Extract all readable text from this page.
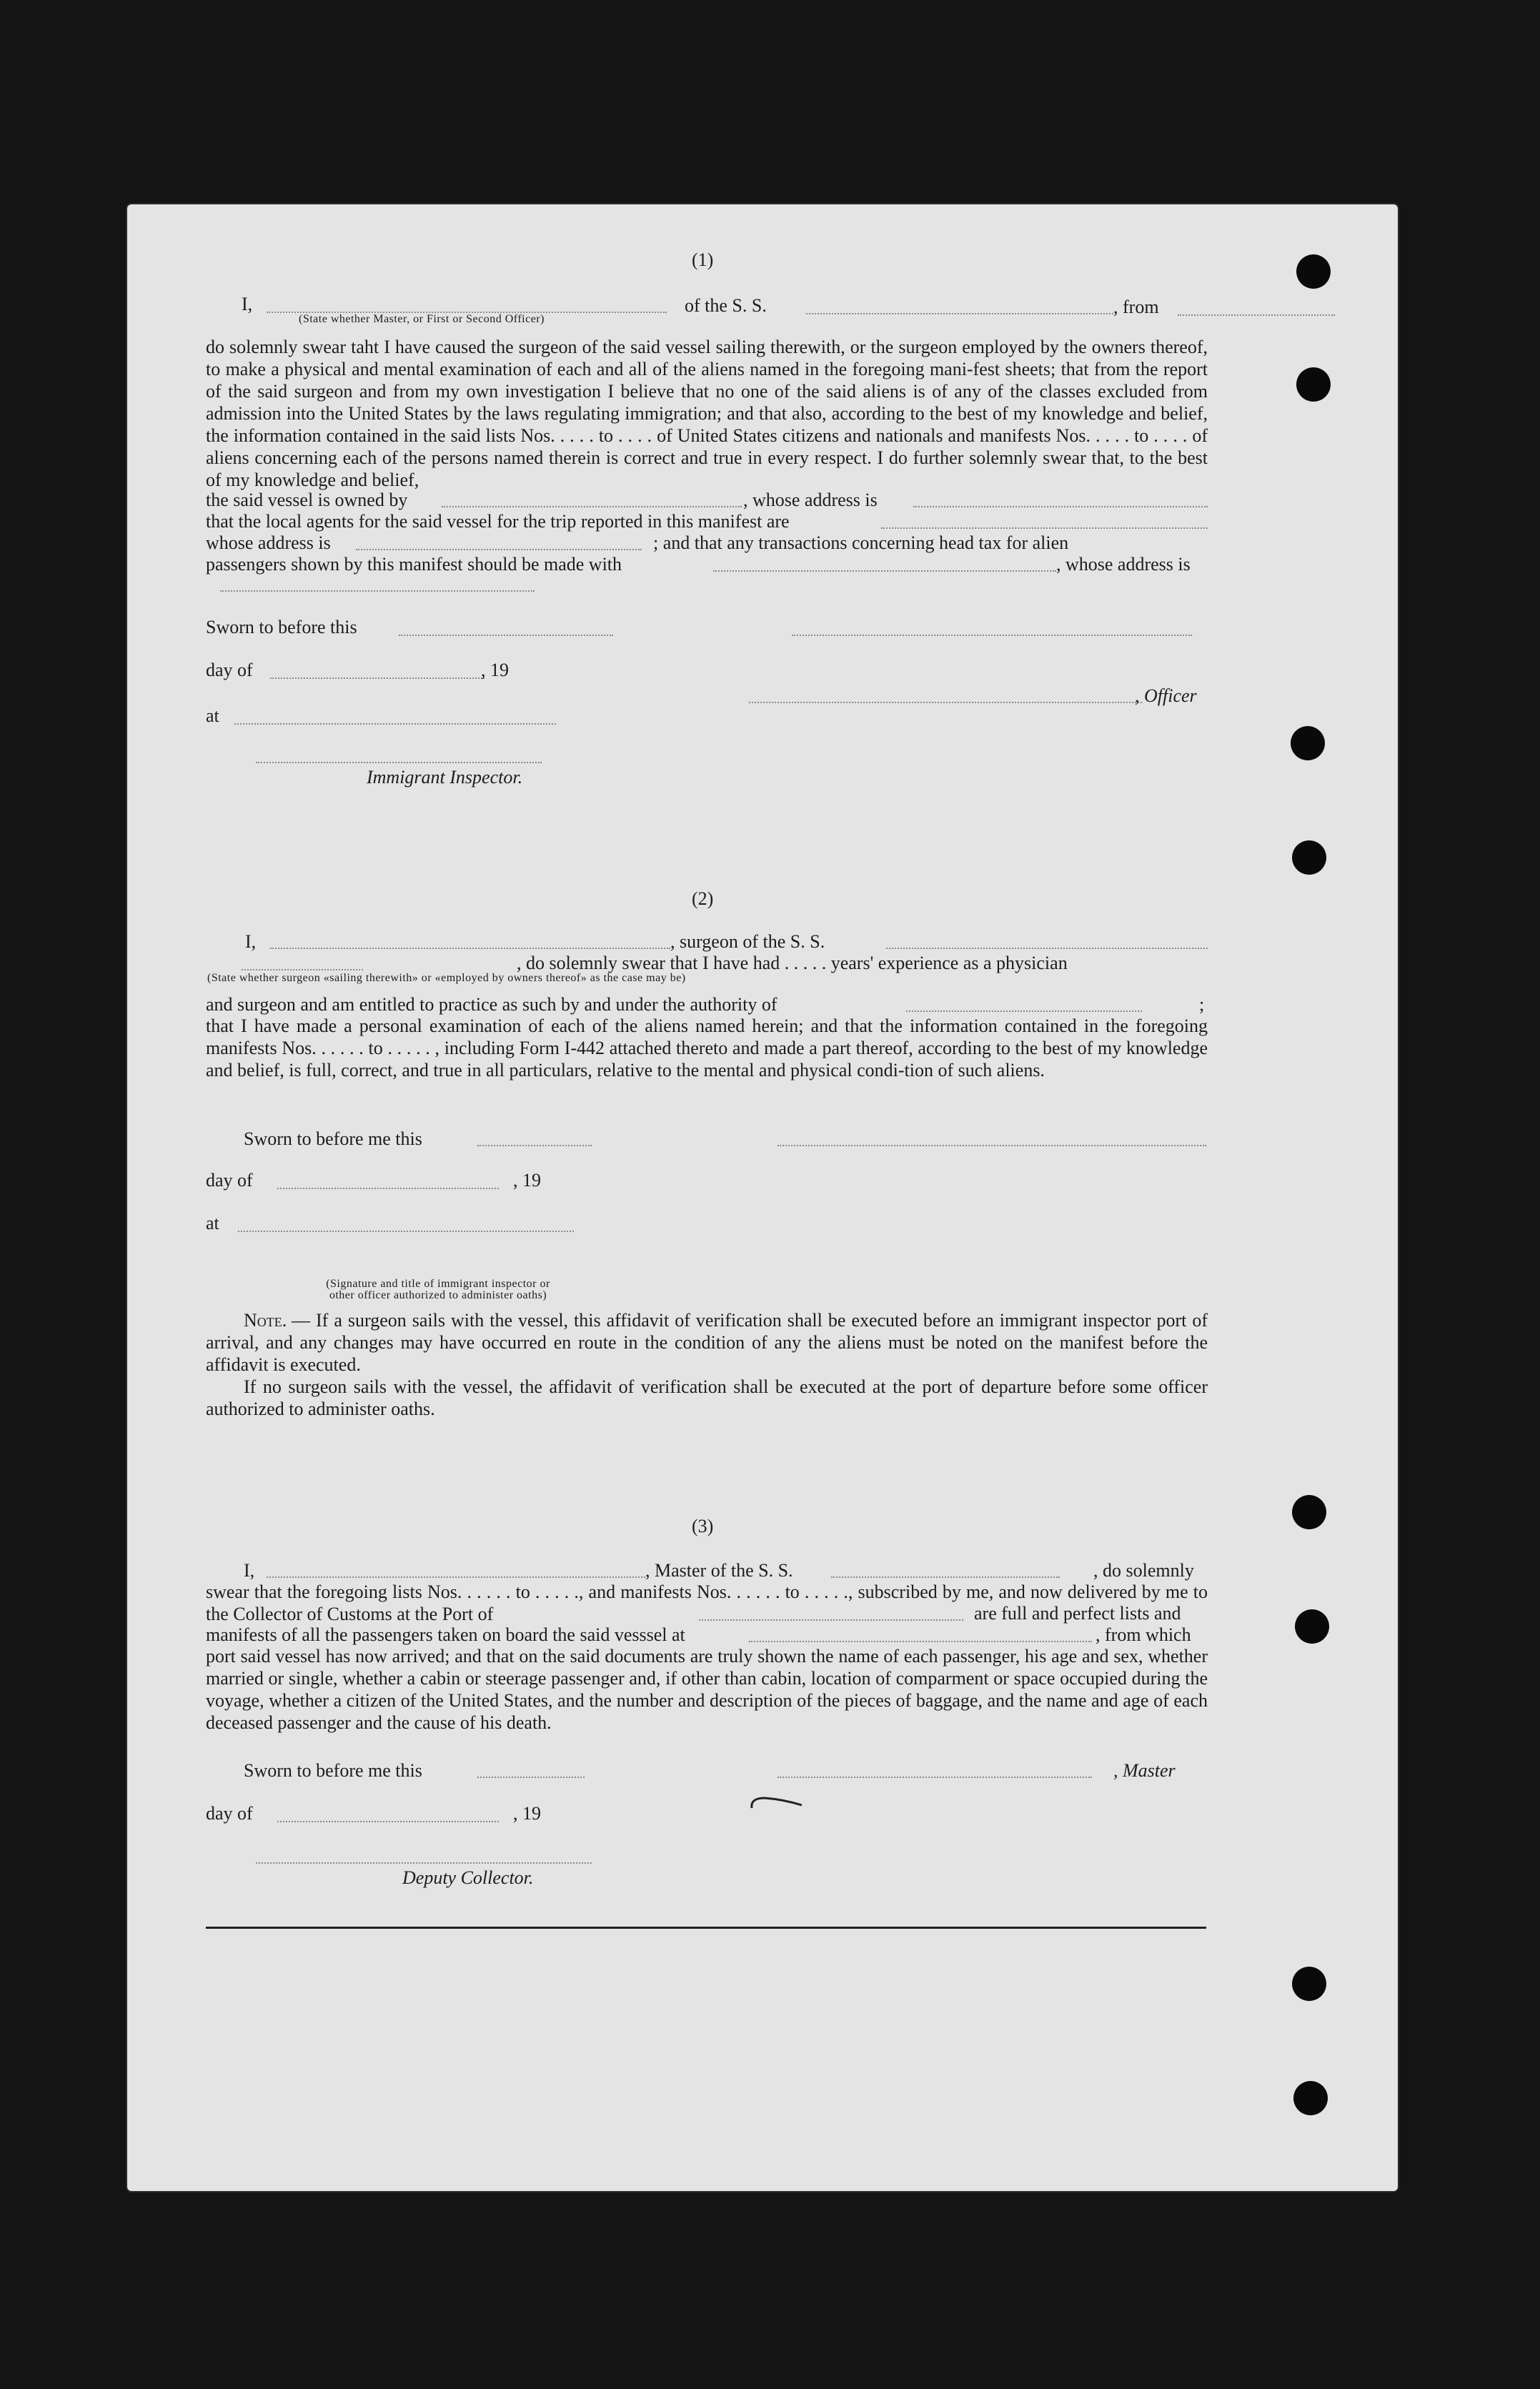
(1)
I,	of the S. S.	, from
(State whether Master, or First or Second Officer)
do solemnly swear taht I have caused the surgeon of the said vessel sailing therewith, or the surgeon employed by the owners thereof, to make a physical and mental examination of each and all of the aliens named in the foregoing mani-fest sheets; that from the report of the said surgeon and from my own investigation I believe that no one of the said aliens is of any of the classes excluded from admission into the United States by the laws regulating immigration; and that also, according to the best of my knowledge and belief, the information contained in the said lists Nos. . . . . to . . . . of United States citizens and nationals and manifests Nos. . . . . to . . . . of aliens concerning each of the persons named therein is correct and true in every respect. I do further solemnly swear that, to the best of my knowledge and belief,
the said vessel is owned by	, whose address is
that the local agents for the said vessel for the trip reported in this manifest are
whose address is	; and that any transactions concerning head tax for alien
passengers shown by this manifest should be made with	, whose address is
Sworn to before this
day of	, 19
, Officer
at
Immigrant Inspector.
(2)
I,	, surgeon of the S. S.
, do solemnly swear that I have had . . . . . years' experience as a physician
(State whether surgeon «sailing therewith» or «employed by owners thereof» as the case may be)
and surgeon and am entitled to practice as such by and under the authority of	;
that I have made a personal examination of each of the aliens named herein; and that the information contained in the foregoing manifests Nos. . . . . . to . . . . . , including Form I-442 attached thereto and made a part thereof, according to the best of my knowledge and belief, is full, correct, and true in all particulars, relative to the mental and physical condi-tion of such aliens.
Sworn to before me this
day of	, 19
at
(Signature and title of immigrant inspector or
other officer authorized to administer oaths)
Note. — If a surgeon sails with the vessel, this affidavit of verification shall be executed before an immigrant inspector port of arrival, and any changes may have occurred en route in the condition of any the aliens must be noted on the manifest before the affidavit is executed.
If no surgeon sails with the vessel, the affidavit of verification shall be executed at the port of departure before some officer authorized to administer oaths.
(3)
I,	, Master of the S. S.	, do solemnly
swear that the foregoing lists Nos. . . . . . to . . . . ., and manifests Nos. . . . . . to . . . . ., subscribed by me, and now delivered by me to the Collector of Customs at the Port of	are full and perfect lists and
manifests of all the passengers taken on board the said vesssel at	, from which
port said vessel has now arrived; and that on the said documents are truly shown the name of each passenger, his age and sex, whether married or single, whether a cabin or steerage passenger and, if other than cabin, location of comparment or space occupied during the voyage, whether a citizen of the United States, and the number and description of the pieces of baggage, and the name and age of each deceased passenger and the cause of his death.
Sworn to before me this	, Master
day of	, 19
Deputy Collector.
